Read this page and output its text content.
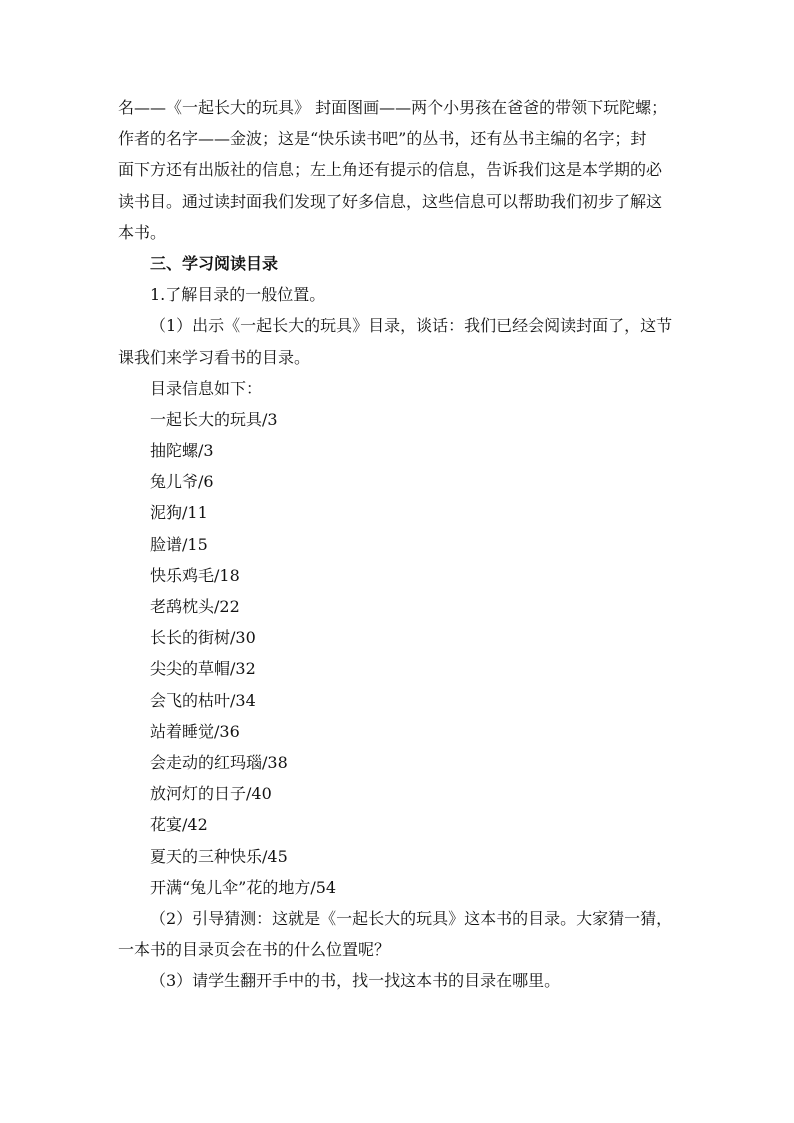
名——《一起长大的玩具》 封面图画——两个小男孩在爸爸的带领下玩陀螺；
作者的名字——金波；这是“快乐读书吧”的丛书，还有丛书主编的名字；封
面下方还有出版社的信息；左上角还有提示的信息，告诉我们这是本学期的必
读书目。通过读封面我们发现了好多信息，这些信息可以帮助我们初步了解这
本书。
三、学习阅读目录
1.了解目录的一般位置。
（1）出示《一起长大的玩具》目录，谈话：我们已经会阅读封面了，这节
课我们来学习看书的目录。
目录信息如下：
一起长大的玩具/3
抽陀螺/3
兔儿爷/6
泥狗/11
脸谱/15
快乐鸡毛/18
老鸹枕头/22
长长的街树/30
尖尖的草帽/32
会飞的枯叶/34
站着睡觉/36
会走动的红玛瑙/38
放河灯的日子/40
花宴/42
夏天的三种快乐/45
开满“兔儿伞”花的地方/54
（2）引导猜测：这就是《一起长大的玩具》这本书的目录。大家猜一猜，
一本书的目录页会在书的什么位置呢？
（3）请学生翻开手中的书，找一找这本书的目录在哪里。
